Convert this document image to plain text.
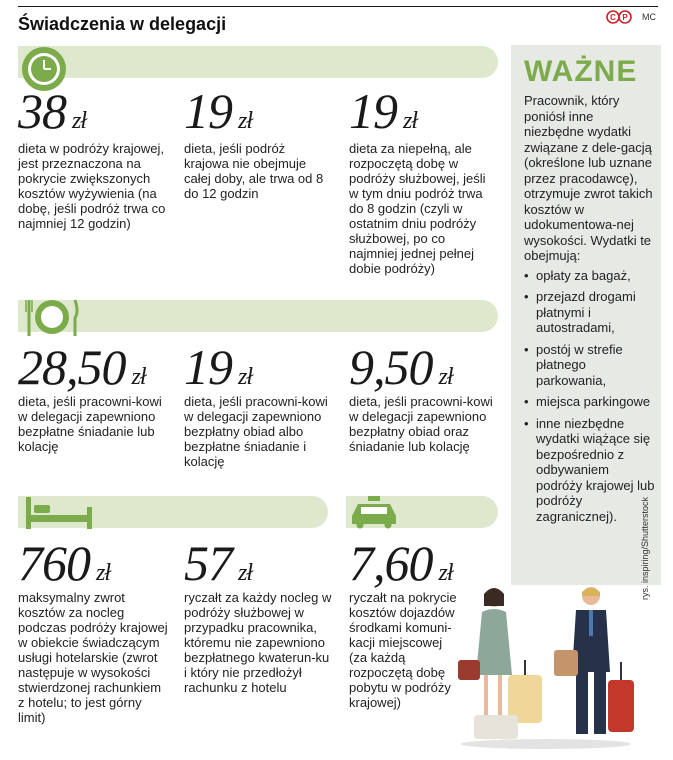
Świadczenia w delegacji	C P MC
38 zł
dieta w podróży krajowej, jest przeznaczona na pokrycie zwiększonych kosztów wyżywienia (na dobę, jeśli podróż trwa co najmniej 12 godzin)
19 zł
dieta, jeśli podróż krajowa nie obejmuje całej doby, ale trwa od 8 do 12 godzin
19 zł
dieta za niepełną, ale rozpoczętą dobę w podróży służbowej, jeśli w tym dniu podróż trwa do 8 godzin (czyli w ostatnim dniu podróży służbowej, po co najmniej jednej pełnej dobie podróży)
28,50 zł
dieta, jeśli pracowni-kowi w delegacji zapewniono bezpłatne śniadanie lub kolację
19 zł
dieta, jeśli pracowni-kowi w delegacji zapewniono bezpłatny obiad albo bezpłatne śniadanie i kolację
9,50 zł
dieta, jeśli pracowni-kowi w delegacji zapewniono bezpłatny obiad oraz śniadanie lub kolację
760 zł
maksymalny zwrot kosztów za nocleg podczas podróży krajowej w obiekcie świadczącym usługi hotelarskie (zwrot następuje w wysokości stwierdzonej rachunkiem z hotelu; to jest górny limit)
57 zł
ryczałt za każdy nocleg w podróży służbowej w przypadku pracownika, któremu nie zapewniono bezpłatnego kwaterun-ku i który nie przedłożył rachunku z hotelu
7,60 zł
ryczałt na pokrycie kosztów dojazdów środkami komuni-kacji miejscowej (za każdą rozpoczętą dobę pobytu w podróży krajowej)
WAŻNE
Pracownik, który poniósł inne niezbędne wydatki związane z dele-gacją (określone lub uznane przez pracodawcę), otrzymuje zwrot takich kosztów w udokumentowa-nej wysokości. Wydatki te obejmują:
• opłaty za bagaż,
• przejazd drogami płatnymi i autostradami,
• postój w strefie płatnego parkowania,
• miejsca parkingowe
• inne niezbędne wydatki wiążące się bezpośrednio z odbywaniem podróży krajowej lub podróży zagranicznej).	rys. inspiring/Shutterstock
